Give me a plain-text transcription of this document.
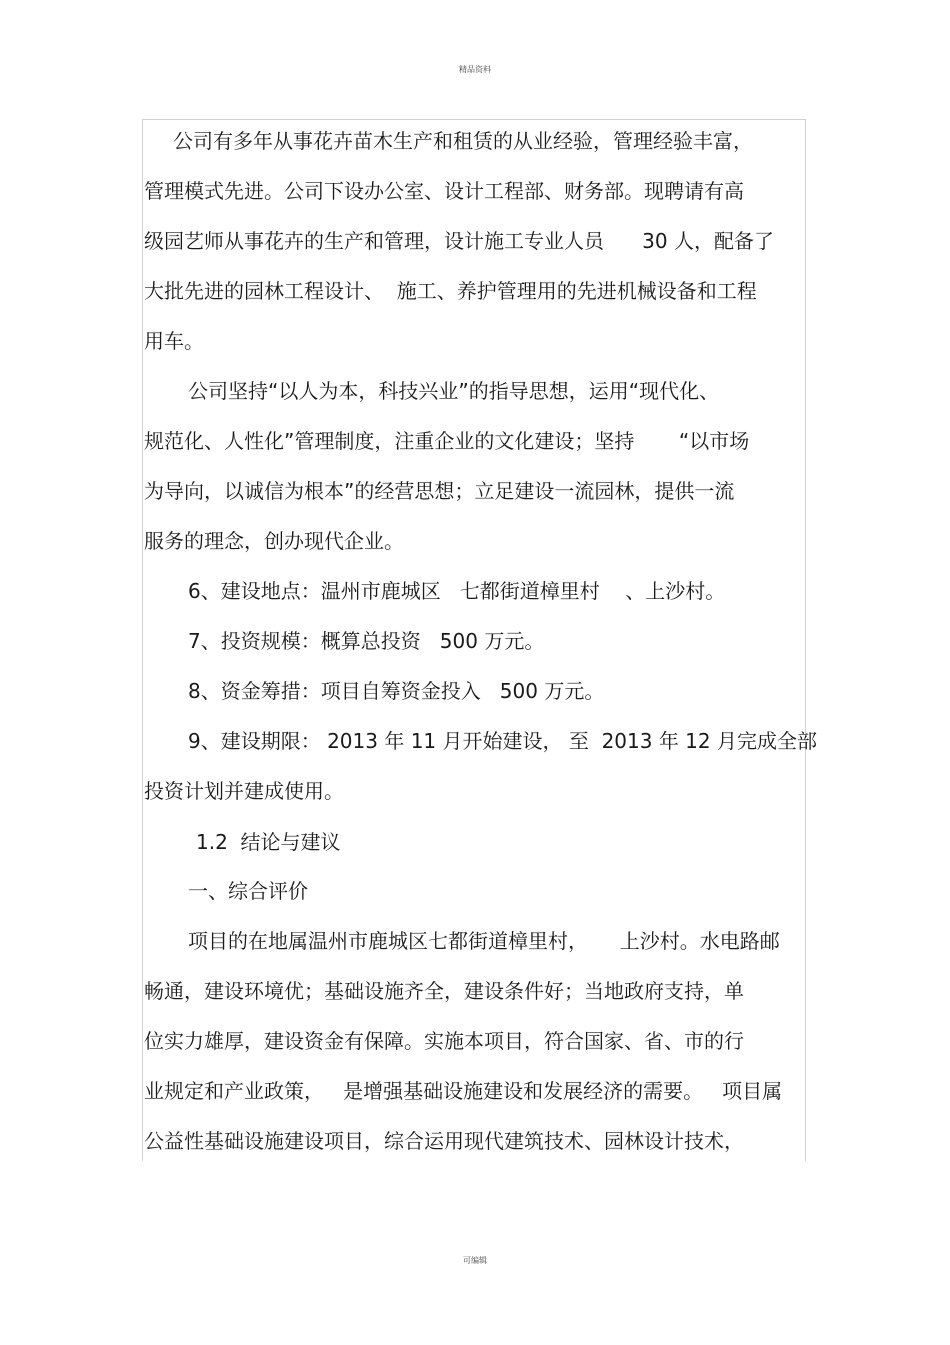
精品资料
公司有多年从事花卉苗木生产和租赁的从业经验，管理经验丰富，
管理模式先进。公司下设办公室、设计工程部、财务部。现聘请有高
级园艺师从事花卉的生产和管理，设计施工专业人员      30 人，配备了
大批先进的园林工程设计、  施工、养护管理用的先进机械设备和工程
用车。
公司坚持“以人为本，科技兴业”的指导思想，运用“现代化、
规范化、人性化”管理制度，注重企业的文化建设；坚持       “以市场
为导向，以诚信为根本”的经营思想；立足建设一流园林，提供一流
服务的理念，创办现代企业。
6、建设地点：温州市鹿城区   七都街道樟里村    、上沙村。
7、投资规模：概算总投资   500 万元。
8、资金筹措：项目自筹资金投入   500 万元。
9、建设期限： 2013 年 11 月开始建设， 至  2013 年 12 月完成全部
投资计划并建成使用。
1.2  结论与建议
一、综合评价
项目的在地属温州市鹿城区七都街道樟里村，     上沙村。水电路邮
畅通，建设环境优；基础设施齐全，建设条件好；当地政府支持，单
位实力雄厚，建设资金有保障。实施本项目，符合国家、省、市的行
业规定和产业政策，   是增强基础设施建设和发展经济的需要。   项目属
公益性基础设施建设项目，综合运用现代建筑技术、园林设计技术，
可编辑
